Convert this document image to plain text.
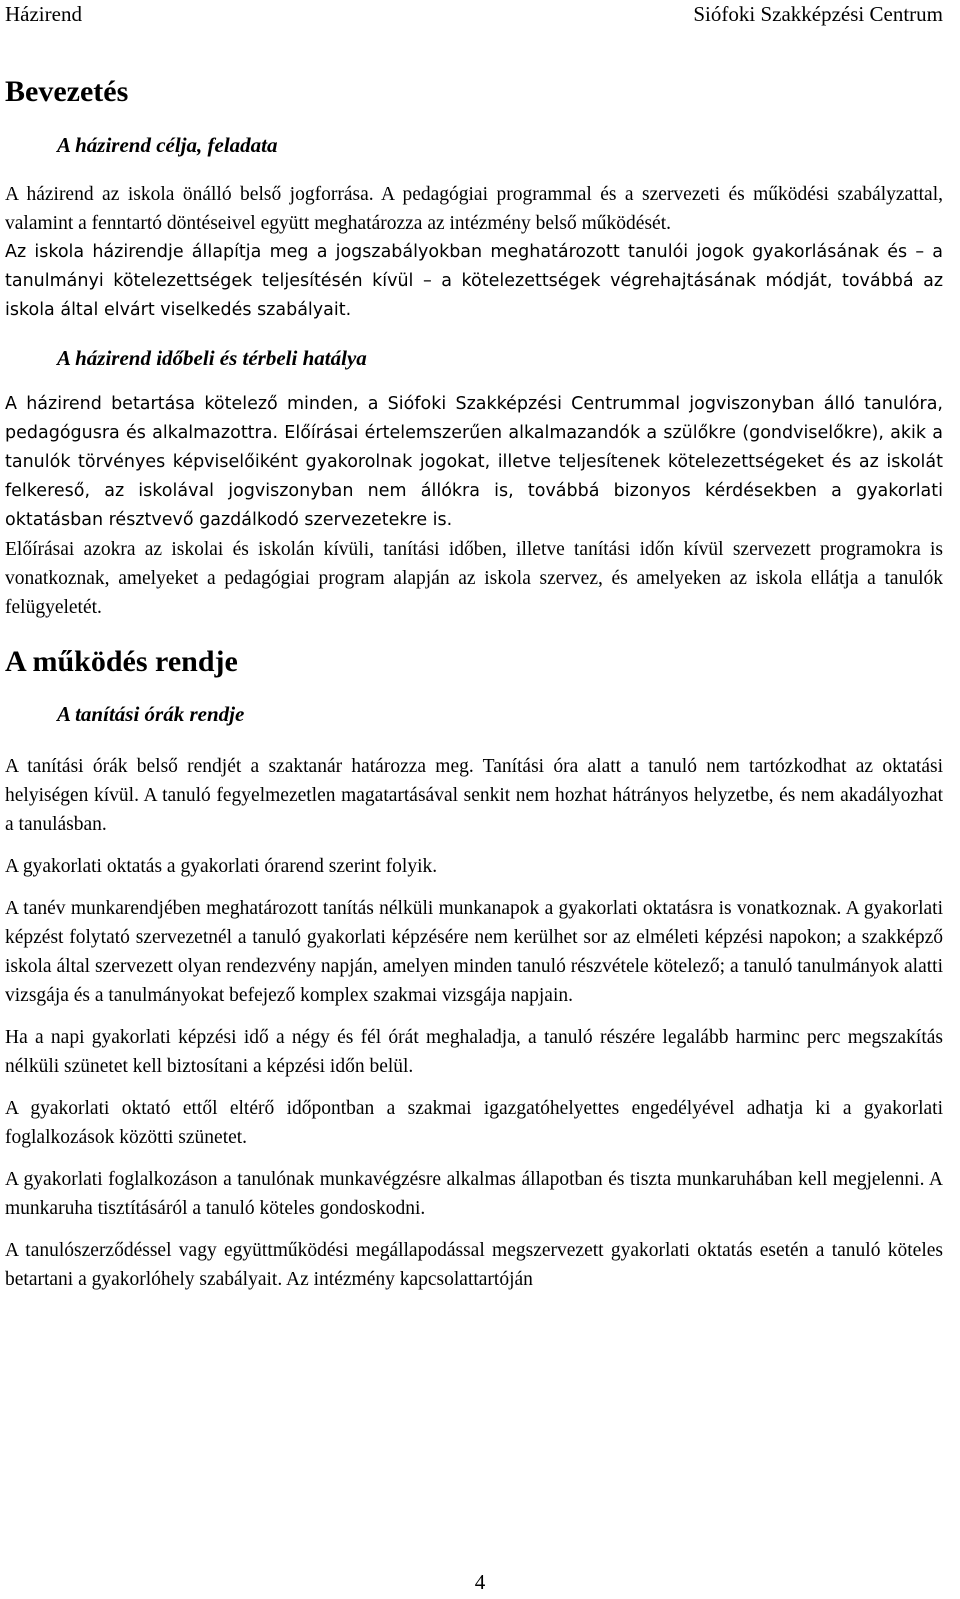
Házirend	Siófoki Szakképzési Centrum
Bevezetés
A házirend célja, feladata

A házirend az iskola önálló belső jogforrása. A pedagógiai programmal és a szervezeti és működési szabályzattal, valamint a fenntartó döntéseivel együtt meghatározza az intézmény belső működését.

Az iskola házirendje állapítja meg a jogszabályokban meghatározott tanulói jogok gyakorlásának és – a tanulmányi kötelezettségek teljesítésén kívül – a kötelezettségek végrehajtásának módját, továbbá az iskola által elvárt viselkedés szabályait.

A házirend időbeli és térbeli hatálya

A házirend betartása kötelező minden, a Siófoki Szakképzési Centrummal jogviszonyban álló tanulóra, pedagógusra és alkalmazottra. Előírásai értelemszerűen alkalmazandók a szülőkre (gondviselőkre), akik a tanulók törvényes képviselőiként gyakorolnak jogokat, illetve teljesítenek kötelezettségeket és az iskolát felkereső, az iskolával jogviszonyban nem állókra is, továbbá bizonyos kérdésekben a gyakorlati oktatásban résztvevő gazdálkodó szervezetekre is.

Előírásai azokra az iskolai és iskolán kívüli, tanítási időben, illetve tanítási időn kívül szervezett programokra is vonatkoznak, amelyeket a pedagógiai program alapján az iskola szervez, és amelyeken az iskola ellátja a tanulók felügyeletét.

A működés rendje
A tanítási órák rendje

A tanítási órák belső rendjét a szaktanár határozza meg. Tanítási óra alatt a tanuló nem tartózkodhat az oktatási helyiségen kívül. A tanuló fegyelmezetlen magatartásával senkit nem hozhat hátrányos helyzetbe, és nem akadályozhat a tanulásban.

A gyakorlati oktatás a gyakorlati órarend szerint folyik.

A tanév munkarendjében meghatározott tanítás nélküli munkanapok a gyakorlati oktatásra is vonatkoznak. A gyakorlati képzést folytató szervezetnél a tanuló gyakorlati képzésére nem kerülhet sor az elméleti képzési napokon; a szakképző iskola által szervezett olyan rendezvény napján, amelyen minden tanuló részvétele kötelező; a tanuló tanulmányok alatti vizsgája és a tanulmányokat befejező komplex szakmai vizsgája napjain.

Ha a napi gyakorlati képzési idő a négy és fél órát meghaladja, a tanuló részére legalább harminc perc megszakítás nélküli szünetet kell biztosítani a képzési időn belül.

A gyakorlati oktató ettől eltérő időpontban a szakmai igazgatóhelyettes engedélyével adhatja ki a gyakorlati foglalkozások közötti szünetet.

A gyakorlati foglalkozáson a tanulónak munkavégzésre alkalmas állapotban és tiszta munkaruhában kell megjelenni. A munkaruha tisztításáról a tanuló köteles gondoskodni.

A tanulószerződéssel vagy együttműködési megállapodással megszervezett gyakorlati oktatás esetén a tanuló köteles betartani a gyakorlóhely szabályait. Az intézmény kapcsolattartóján

4
